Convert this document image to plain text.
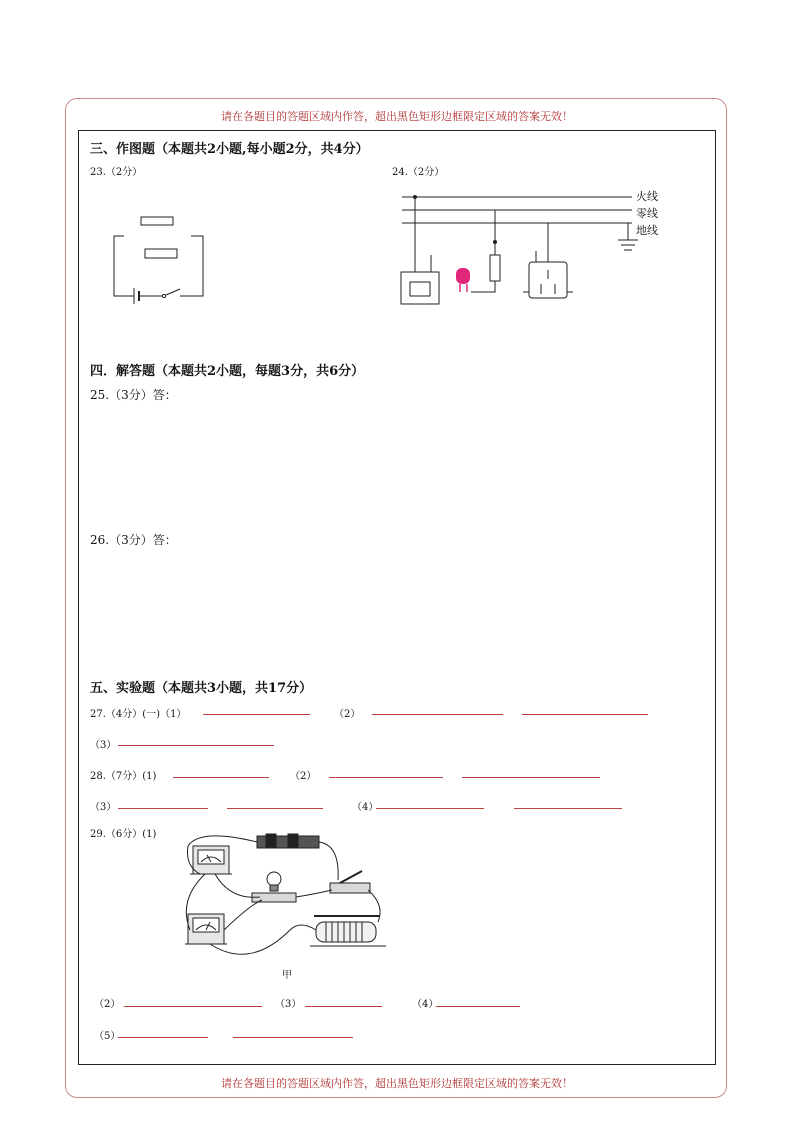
请在各题目的答题区域内作答，超出黑色矩形边框限定区域的答案无效！
请在各题目的答题区域内作答，超出黑色矩形边框限定区域的答案无效！
三、作图题（本题共2小题,每小题2分，共4分）
23.（2分）	24.（2分）
火线
零线
地线
四．解答题（本题共2小题，每题3分，共6分）
25.（3分）答：
26.（3分）答：
五、实验题（本题共3小题，共17分）
27.（4分）(一)（1）	（2）
（3）
28.（7分）(1)	（2）
（3）	（4）
29.（6分）(1)
甲
（2）	（3）	（4）
（5）
